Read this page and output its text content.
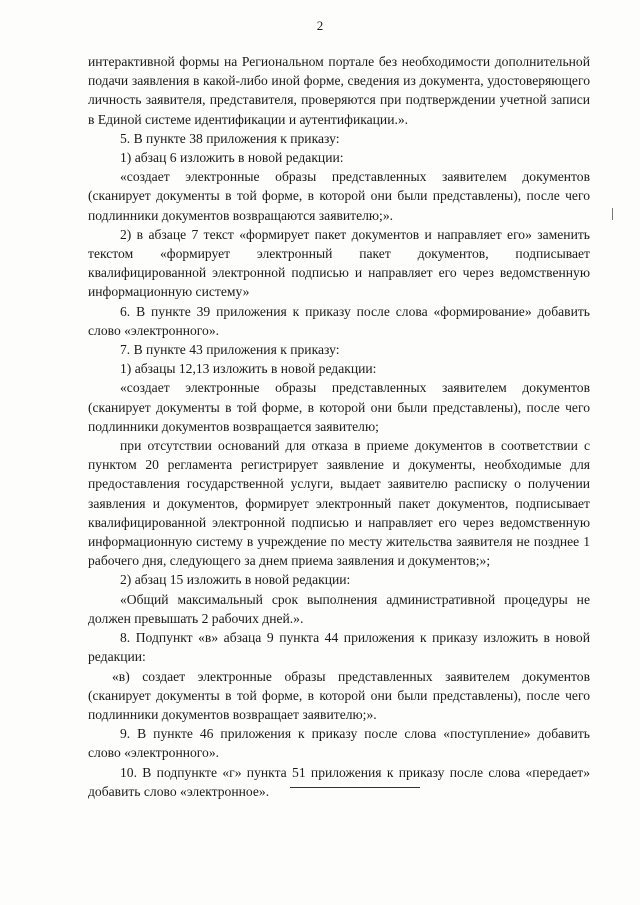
2

интерактивной формы на Региональном портале без необходимости дополнительной подачи заявления в какой-либо иной форме, сведения из документа, удостоверяющего личность заявителя, представителя, проверяются при подтверждении учетной записи в Единой системе идентификации и аутентификации.».

5. В пункте 38 приложения к приказу:

1) абзац 6 изложить в новой редакции:

«создает электронные образы представленных заявителем документов (сканирует документы в той форме, в которой они были представлены), после чего подлинники документов возвращаются заявителю;».

2) в абзаце 7 текст «формирует пакет документов и направляет его» заменить текстом «формирует электронный пакет документов, подписывает квалифицированной электронной подписью и направляет его через ведомственную информационную систему»

6. В пункте 39 приложения к приказу после слова «формирование» добавить слово «электронного».

7. В пункте 43 приложения к приказу:

1) абзацы 12,13 изложить в новой редакции:

«создает электронные образы представленных заявителем документов (сканирует документы в той форме, в которой они были представлены), после чего подлинники документов возвращается заявителю;

при отсутствии оснований для отказа в приеме документов в соответствии с пунктом 20 регламента регистрирует заявление и документы, необходимые для предоставления государственной услуги, выдает заявителю расписку о получении заявления и документов, формирует электронный пакет документов, подписывает квалифицированной электронной подписью и направляет его через ведомственную информационную систему в учреждение по месту жительства заявителя не позднее 1 рабочего дня, следующего за днем приема заявления и документов;»;

2) абзац 15 изложить в новой редакции:

«Общий максимальный срок выполнения административной процедуры не должен превышать 2 рабочих дней.».

8. Подпункт «в» абзаца 9 пункта 44 приложения к приказу изложить в новой редакции:

«в) создает электронные образы представленных заявителем документов (сканирует документы в той форме, в которой они были представлены), после чего подлинники документов возвращает заявителю;».

9. В пункте 46 приложения к приказу после слова «поступление» добавить слово «электронного».

10. В подпункте «г» пункта 51 приложения к приказу после слова «передает» добавить слово «электронное».
